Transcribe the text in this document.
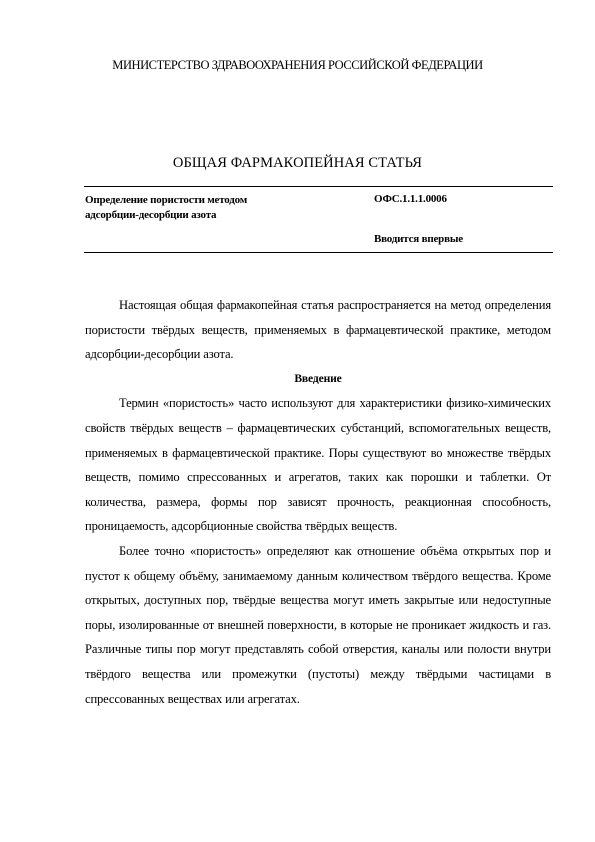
МИНИСТЕРСТВО ЗДРАВООХРАНЕНИЯ РОССИЙСКОЙ ФЕДЕРАЦИИ
ОБЩАЯ ФАРМАКОПЕЙНАЯ СТАТЬЯ
Определение пористости методом
адсорбции-десорбции азота
ОФС.1.1.1.0006
Вводится впервые

Настоящая общая фармакопейная статья распространяется на метод определения пористости твёрдых веществ, применяемых в фармацевтической практике, методом адсорбции-десорбции азота.

Введение

Термин «пористость» часто используют для характеристики физико-химических свойств твёрдых веществ – фармацевтических субстанций, вспомогательных веществ, применяемых в фармацевтической практике. Поры существуют во множестве твёрдых веществ, помимо спрессованных и агрегатов, таких как порошки и таблетки. От количества, размера, формы пор зависят прочность, реакционная способность, проницаемость, адсорбционные свойства твёрдых веществ.

Более точно «пористость» определяют как отношение объёма открытых пор и пустот к общему объёму, занимаемому данным количеством твёрдого вещества. Кроме открытых, доступных пор, твёрдые вещества могут иметь закрытые или недоступные поры, изолированные от внешней поверхности, в которые не проникает жидкость и газ. Различные типы пор могут представлять собой отверстия, каналы или полости внутри твёрдого вещества или промежутки (пустоты) между твёрдыми частицами в спрессованных веществах или агрегатах.
